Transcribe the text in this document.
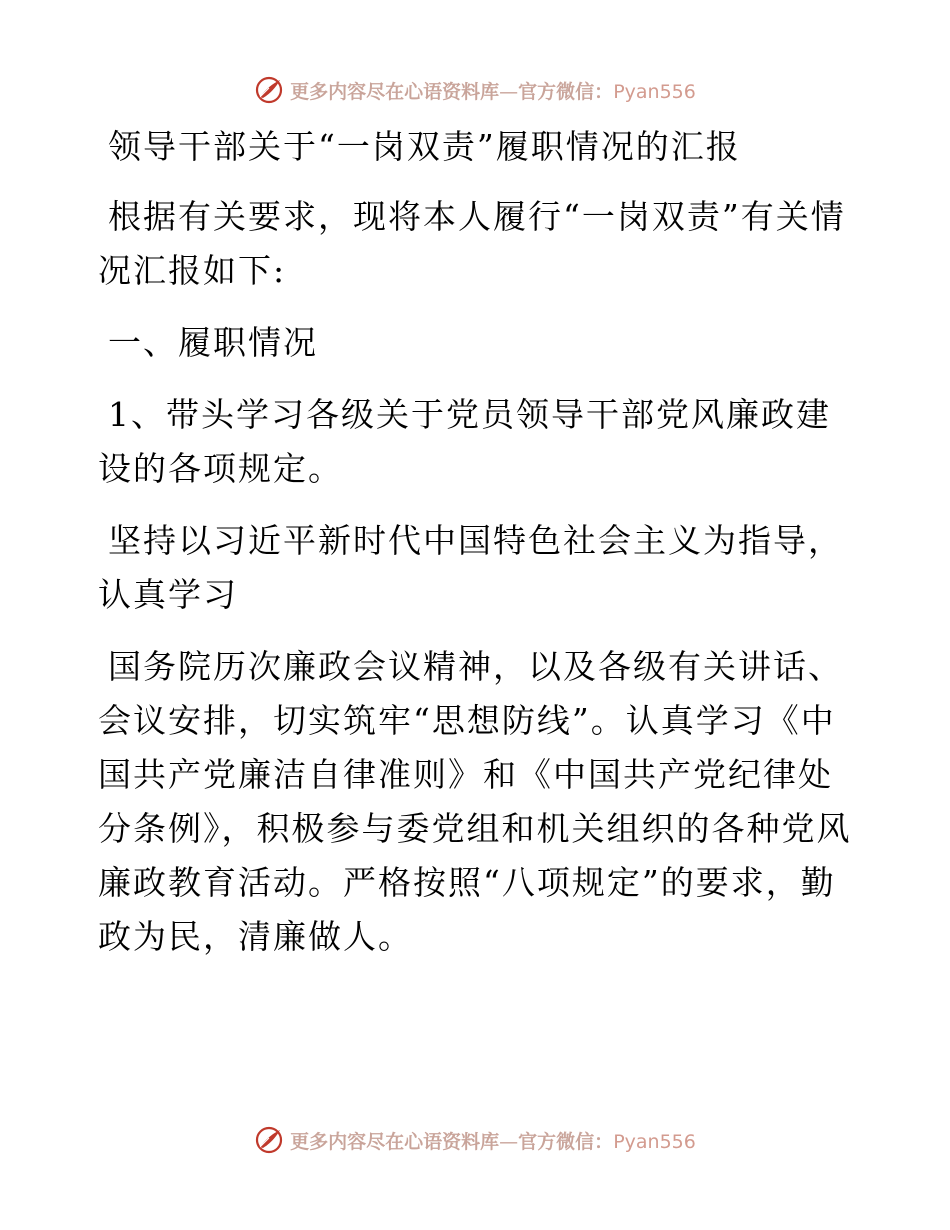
更多内容尽在心语资料库—官方微信：Pyan556

领导干部关于“一岗双责”履职情况的汇报

根据有关要求，现将本人履行“一岗双责”有关情况汇报如下:

一、履职情况

1、带头学习各级关于党员领导干部党风廉政建设的各项规定。

坚持以习近平新时代中国特色社会主义为指导，认真学习

国务院历次廉政会议精神，以及各级有关讲话、会议安排，切实筑牢“思想防线”。认真学习《中国共产党廉洁自律准则》和《中国共产党纪律处分条例》，积极参与委党组和机关组织的各种党风廉政教育活动。严格按照“八项规定”的要求，勤政为民，清廉做人。

更多内容尽在心语资料库—官方微信：Pyan556
